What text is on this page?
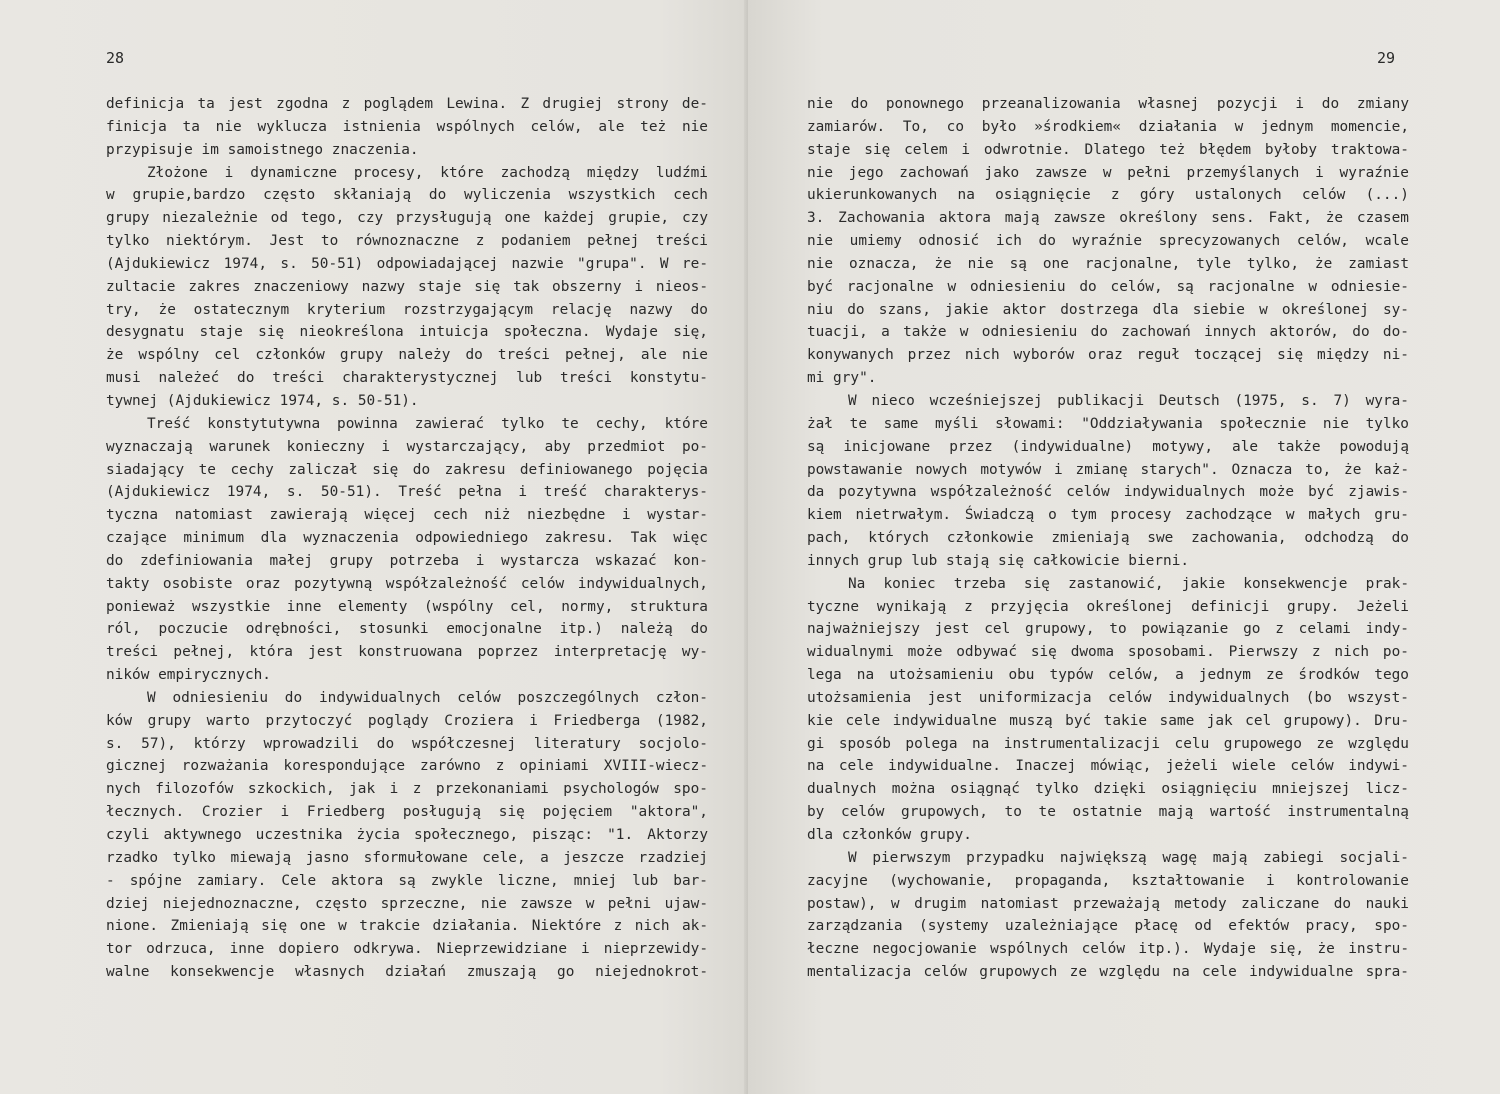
28
definicja ta jest zgodna z poglądem Lewina. Z drugiej strony de-
finicja ta nie wyklucza istnienia wspólnych celów, ale też nie
przypisuje im samoistnego znaczenia.
Złożone i dynamiczne procesy, które zachodzą między ludźmi
w grupie,bardzo często skłaniają do wyliczenia wszystkich cech
grupy niezależnie od tego, czy przysługują one każdej grupie, czy
tylko niektórym. Jest to równoznaczne z podaniem pełnej treści
(Ajdukiewicz 1974, s. 50-51) odpowiadającej nazwie "grupa". W re-
zultacie zakres znaczeniowy nazwy staje się tak obszerny i nieos-
try, że ostatecznym kryterium rozstrzygającym relację nazwy do
desygnatu staje się nieokreślona intuicja społeczna. Wydaje się,
że wspólny cel członków grupy należy do treści pełnej, ale nie
musi należeć do treści charakterystycznej lub treści konstytu-
tywnej (Ajdukiewicz 1974, s. 50-51).
Treść konstytutywna powinna zawierać tylko te cechy, które
wyznaczają warunek konieczny i wystarczający, aby przedmiot po-
siadający te cechy zaliczał się do zakresu definiowanego pojęcia
(Ajdukiewicz 1974, s. 50-51). Treść pełna i treść charakterys-
tyczna natomiast zawierają więcej cech niż niezbędne i wystar-
czające minimum dla wyznaczenia odpowiedniego zakresu. Tak więc
do zdefiniowania małej grupy potrzeba i wystarcza wskazać kon-
takty osobiste oraz pozytywną współzależność celów indywidualnych,
ponieważ wszystkie inne elementy (wspólny cel, normy, struktura
ról, poczucie odrębności, stosunki emocjonalne itp.) należą do
treści pełnej, która jest konstruowana poprzez interpretację wy-
ników empirycznych.
W odniesieniu do indywidualnych celów poszczególnych człon-
ków grupy warto przytoczyć poglądy Croziera i Friedberga (1982,
s. 57), którzy wprowadzili do współczesnej literatury socjolo-
gicznej rozważania korespondujące zarówno z opiniami XVIII-wiecz-
nych filozofów szkockich, jak i z przekonaniami psychologów spo-
łecznych. Crozier i Friedberg posługują się pojęciem "aktora",
czyli aktywnego uczestnika życia społecznego, pisząc: "1. Aktorzy
rzadko tylko miewają jasno sformułowane cele, a jeszcze rzadziej
- spójne zamiary. Cele aktora są zwykle liczne, mniej lub bar-
dziej niejednoznaczne, często sprzeczne, nie zawsze w pełni ujaw-
nione. Zmieniają się one w trakcie działania. Niektóre z nich ak-
tor odrzuca, inne dopiero odkrywa. Nieprzewidziane i nieprzewidy-
walne konsekwencje własnych działań zmuszają go niejednokrot-
29
nie do ponownego przeanalizowania własnej pozycji i do zmiany
zamiarów. To, co było »środkiem« działania w jednym momencie,
staje się celem i odwrotnie. Dlatego też błędem byłoby traktowa-
nie jego zachowań jako zawsze w pełni przemyślanych i wyraźnie
ukierunkowanych na osiągnięcie z góry ustalonych celów (...)
3. Zachowania aktora mają zawsze określony sens. Fakt, że czasem
nie umiemy odnosić ich do wyraźnie sprecyzowanych celów, wcale
nie oznacza, że nie są one racjonalne, tyle tylko, że zamiast
być racjonalne w odniesieniu do celów, są racjonalne w odniesie-
niu do szans, jakie aktor dostrzega dla siebie w określonej sy-
tuacji, a także w odniesieniu do zachowań innych aktorów, do do-
konywanych przez nich wyborów oraz reguł toczącej się między ni-
mi gry".
W nieco wcześniejszej publikacji Deutsch (1975, s. 7) wyra-
żał te same myśli słowami: "Oddziaływania społecznie nie tylko
są inicjowane przez (indywidualne) motywy, ale także powodują
powstawanie nowych motywów i zmianę starych". Oznacza to, że każ-
da pozytywna współzależność celów indywidualnych może być zjawis-
kiem nietrwałym. Świadczą o tym procesy zachodzące w małych gru-
pach, których członkowie zmieniają swe zachowania, odchodzą do
innych grup lub stają się całkowicie bierni.
Na koniec trzeba się zastanowić, jakie konsekwencje prak-
tyczne wynikają z przyjęcia określonej definicji grupy. Jeżeli
najważniejszy jest cel grupowy, to powiązanie go z celami indy-
widualnymi może odbywać się dwoma sposobami. Pierwszy z nich po-
lega na utożsamieniu obu typów celów, a jednym ze środków tego
utożsamienia jest uniformizacja celów indywidualnych (bo wszyst-
kie cele indywidualne muszą być takie same jak cel grupowy). Dru-
gi sposób polega na instrumentalizacji celu grupowego ze względu
na cele indywidualne. Inaczej mówiąc, jeżeli wiele celów indywi-
dualnych można osiągnąć tylko dzięki osiągnięciu mniejszej licz-
by celów grupowych, to te ostatnie mają wartość instrumentalną
dla członków grupy.
W pierwszym przypadku największą wagę mają zabiegi socjali-
zacyjne (wychowanie, propaganda, kształtowanie i kontrolowanie
postaw), w drugim natomiast przeważają metody zaliczane do nauki
zarządzania (systemy uzależniające płacę od efektów pracy, spo-
łeczne negocjowanie wspólnych celów itp.). Wydaje się, że instru-
mentalizacja celów grupowych ze względu na cele indywidualne spra-
